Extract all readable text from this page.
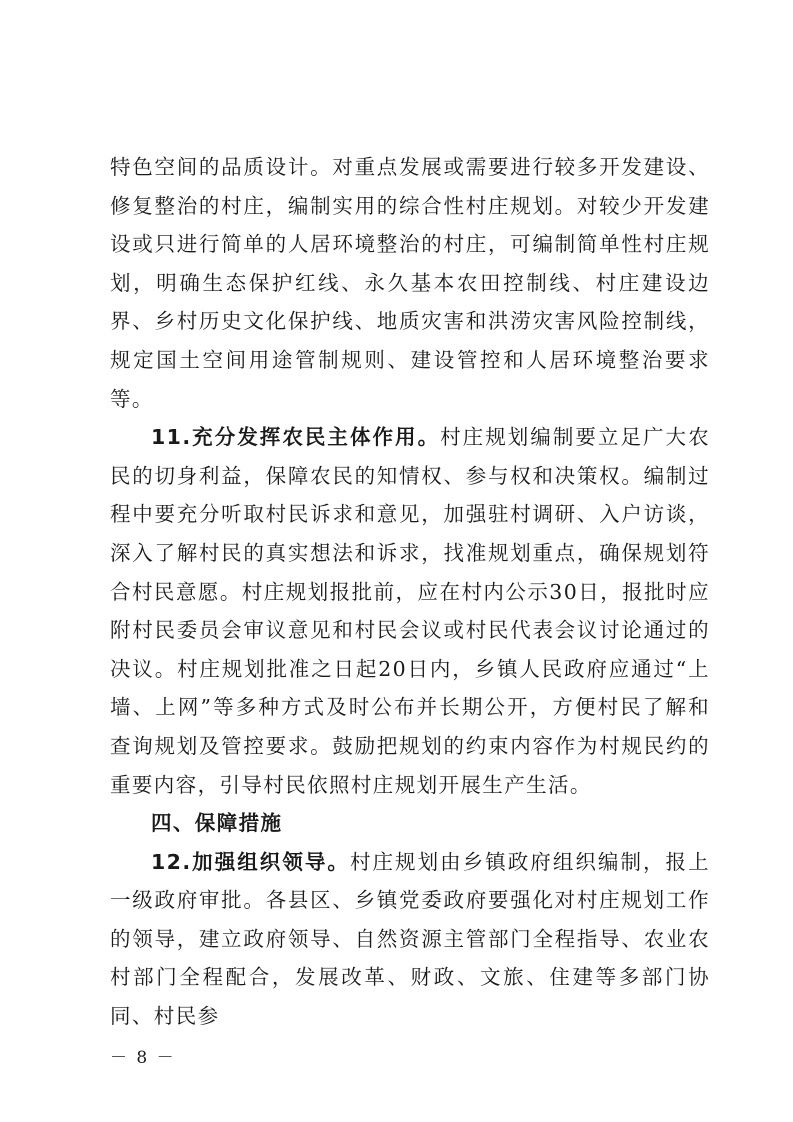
特色空间的品质设计。对重点发展或需要进行较多开发建设、修复整治的村庄，编制实用的综合性村庄规划。对较少开发建设或只进行简单的人居环境整治的村庄，可编制简单性村庄规划，明确生态保护红线、永久基本农田控制线、村庄建设边界、乡村历史文化保护线、地质灾害和洪涝灾害风险控制线，规定国土空间用途管制规则、建设管控和人居环境整治要求等。

11.充分发挥农民主体作用。村庄规划编制要立足广大农民的切身利益，保障农民的知情权、参与权和决策权。编制过程中要充分听取村民诉求和意见，加强驻村调研、入户访谈，深入了解村民的真实想法和诉求，找准规划重点，确保规划符合村民意愿。村庄规划报批前，应在村内公示30日，报批时应附村民委员会审议意见和村民会议或村民代表会议讨论通过的决议。村庄规划批准之日起20日内，乡镇人民政府应通过“上墙、上网”等多种方式及时公布并长期公开，方便村民了解和查询规划及管控要求。鼓励把规划的约束内容作为村规民约的重要内容，引导村民依照村庄规划开展生产生活。

四、保障措施

12.加强组织领导。村庄规划由乡镇政府组织编制，报上一级政府审批。各县区、乡镇党委政府要强化对村庄规划工作的领导，建立政府领导、自然资源主管部门全程指导、农业农村部门全程配合，发展改革、财政、文旅、住建等多部门协同、村民参

－ 8 －
